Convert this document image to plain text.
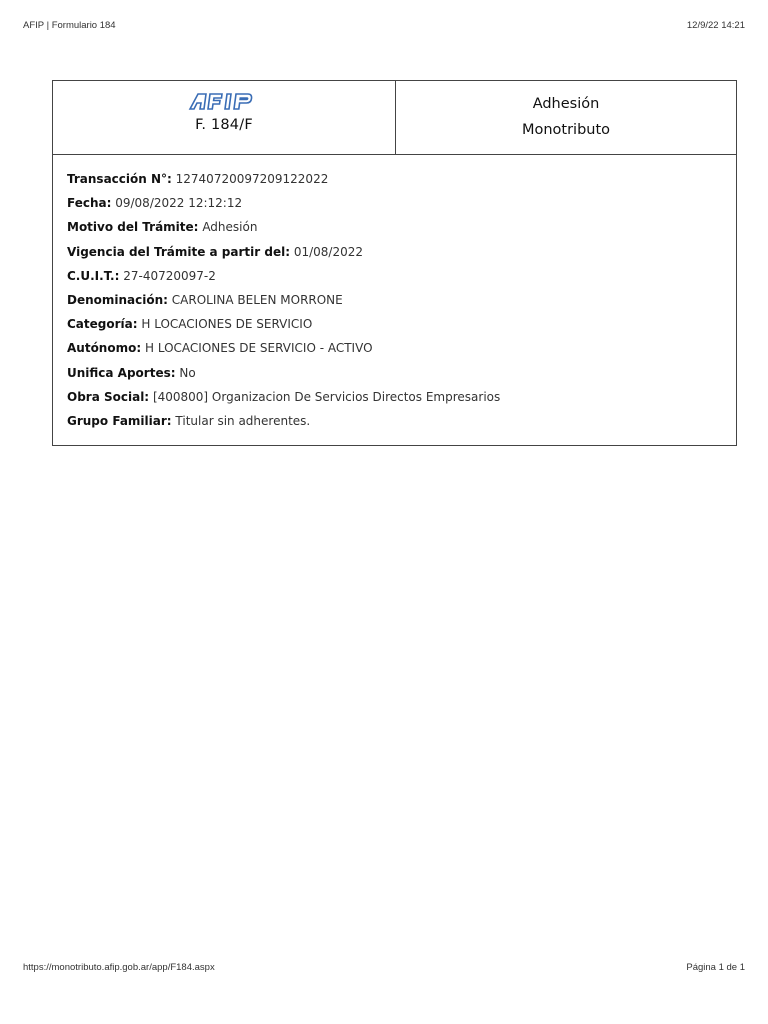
AFIP | Formulario 184	12/9/22 14:21
F. 184/F
Adhesión
Monotributo
Transacción N°: 12740720097209122022
Fecha: 09/08/2022 12:12:12
Motivo del Trámite: Adhesión
Vigencia del Trámite a partir del: 01/08/2022
C.U.I.T.: 27-40720097-2
Denominación: CAROLINA BELEN MORRONE
Categoría: H LOCACIONES DE SERVICIO
Autónomo: H LOCACIONES DE SERVICIO - ACTIVO
Unifica Aportes: No
Obra Social: [400800] Organizacion De Servicios Directos Empresarios
Grupo Familiar: Titular sin adherentes.
https://monotributo.afip.gob.ar/app/F184.aspx	Página 1 de 1
